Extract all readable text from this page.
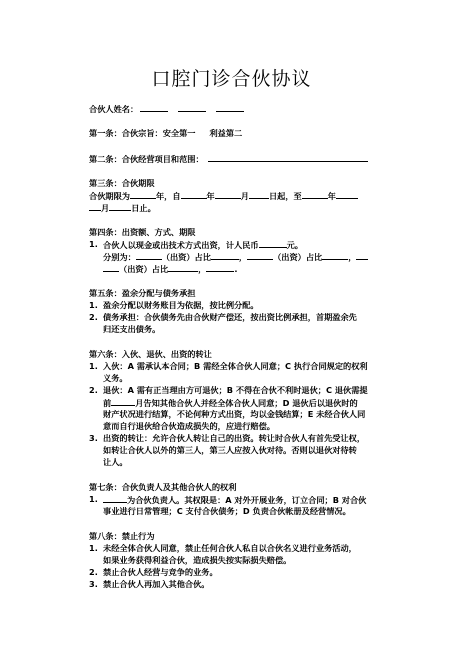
口腔门诊合伙协议
合伙人姓名：
第一条：合伙宗旨：安全第一 利益第二
第二条：合伙经营项目和范围：
第三条：合伙期限
合伙期限为	年，自	年	月 日起，至	年
月	日止。
第四条：出资额、方式、期限
1. 合伙人以现金或出技术方式出资，计人民币	元。
分别为：	（出资）占比	，	（出资）占比	，
（出资）占比	，	.
第五条：盈余分配与债务承担
1. 盈余分配以财务账目为依据，按比例分配。
2. 债务承担：合伙债务先由合伙财产偿还，按出资比例承担，首期盈余先
归还支出债务。
第六条：入伙、退伙、出资的转让
1. 入伙：A 需承认本合同；B 需经全体合伙人同意；C 执行合同规定的权利
义务。
2. 退伙：A 需有正当理由方可退伙；B 不得在合伙不利时退伙；C 退伙需提
前	月告知其他合伙人并经全体合伙人同意；D 退伙后以退伙时的
财产状况进行结算，不论何种方式出资，均以金钱结算；E 未经合伙人同
意而自行退伙给合伙造成损失的，应进行赔偿。
3. 出资的转让：允许合伙人转让自己的出资。转让时合伙人有首先受让权，
如转让合伙人以外的第三人，第三人应按入伙对待。否则以退伙对待转
让人。
第七条：合伙负责人及其他合伙人的权利
1.	为合伙负责人。其权限是：A 对外开展业务，订立合同；B 对合伙
事业进行日常管理；C 支付合伙债务；D 负责合伙帐册及经营情况。
第八条：禁止行为
1. 未经全体合伙人同意，禁止任何合伙人私自以合伙名义进行业务活动，
如果业务获得利益合伙，造成损失按实际损失赔偿。
2. 禁止合伙人经营与竞争的业务。
3. 禁止合伙人再加入其他合伙。
